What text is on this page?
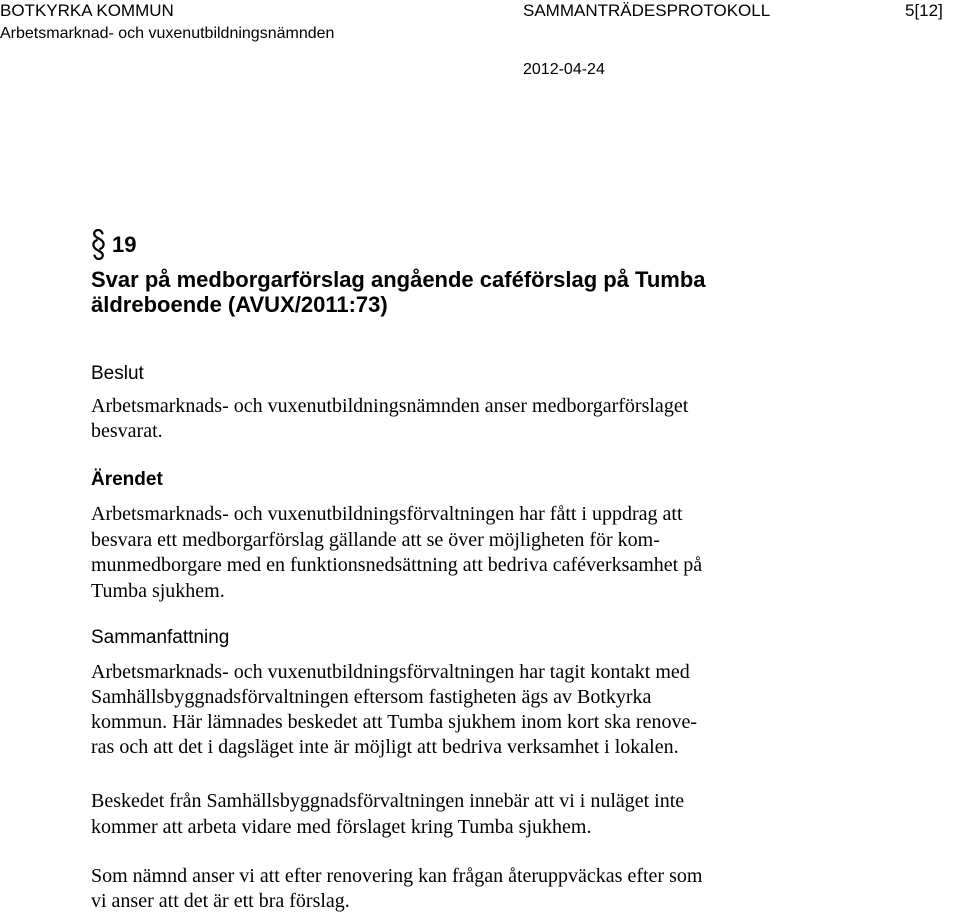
BOTKYRKA KOMMUN
Arbetsmarknad- och vuxenutbildningsnämnden
SAMMANTRÄDESPROTOKOLL	5[12]
2012-04-24
19
Svar på medborgarförslag angående caféförslag på Tumba
äldreboende (AVUX/2011:73)
Beslut
Arbetsmarknads- och vuxenutbildningsnämnden anser medborgarförslaget
besvarat.
Ärendet
Arbetsmarknads- och vuxenutbildningsförvaltningen har fått i uppdrag att
besvara ett medborgarförslag gällande att se över möjligheten för kom-
munmedborgare med en funktionsnedsättning att bedriva caféverksamhet på
Tumba sjukhem.
Sammanfattning
Arbetsmarknads- och vuxenutbildningsförvaltningen har tagit kontakt med
Samhällsbyggnadsförvaltningen eftersom fastigheten ägs av Botkyrka
kommun. Här lämnades beskedet att Tumba sjukhem inom kort ska renove-
ras och att det i dagsläget inte är möjligt att bedriva verksamhet i lokalen.
Beskedet från Samhällsbyggnadsförvaltningen innebär att vi i nuläget inte
kommer att arbeta vidare med förslaget kring Tumba sjukhem.
Som nämnd anser vi att efter renovering kan frågan återuppväckas efter som
vi anser att det är ett bra förslag.
